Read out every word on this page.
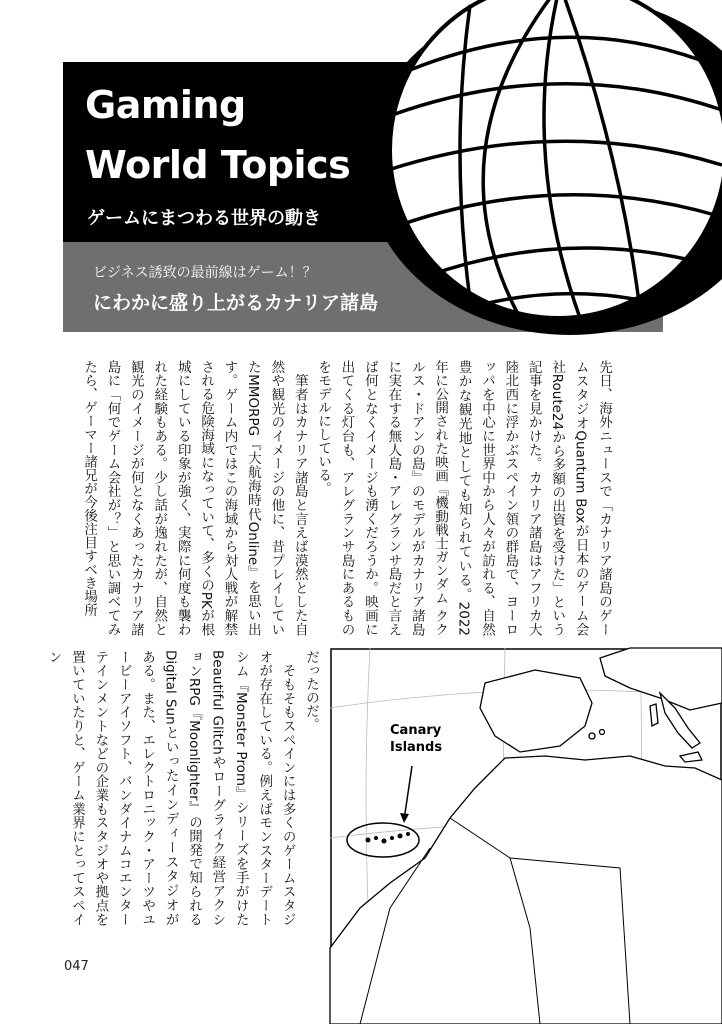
Gaming
World Topics
ゲームにまつわる世界の動き
ビジネス誘致の最前線はゲーム！？
にわかに盛り上がるカナリア諸島
先日、海外ニュースで「カナリア諸島のゲームスタジオQuantum Boxが日本のゲーム会社Route24から多額の出資を受けた」という記事を見かけた。カナリア諸島はアフリカ大陸北西に浮かぶスペイン領の群島で、ヨーロッパを中心に世界中から人々が訪れる、自然豊かな観光地としても知られている。2022年に公開された映画『機動戦士ガンダム ククルス・ドアンの島』のモデルがカナリア諸島に実在する無人島・アレグランサ島だと言えば何となくイメージも湧くだろうか。映画に出てくる灯台も、アレグランサ島にあるものをモデルにしている。
　筆者はカナリア諸島と言えば漠然とした自然や観光のイメージの他に、昔プレイしていたMMORPG『大航海時代Online』を思い出す。ゲーム内ではこの海域から対人戦が解禁される危険海域になっていて、多くのPKが根城にしている印象が強く、実際に何度も襲われた経験もある。少し話が逸れたが、自然と観光のイメージが何となくあったカナリア諸島に「何でゲーム会社が？」と思い調べてみたら、ゲーマー諸兄が今後注目すべき場所
だったのだ。
　そもそもスペインには多くのゲームスタジオが存在している。例えばモンスターデートシム『Monster Prom』シリーズを手がけたBeautiful Glitchやローグライク経営アクションRPG『Moonlighter』の開発で知られるDigital Sunといったインディースタジオがある。また、エレクトロニック・アーツやユービーアイソフト、バンダイナムコエンターテインメントなどの企業もスタジオや拠点を置いていたりと、ゲーム業界にとってスペイン
Canary
Islands
047
